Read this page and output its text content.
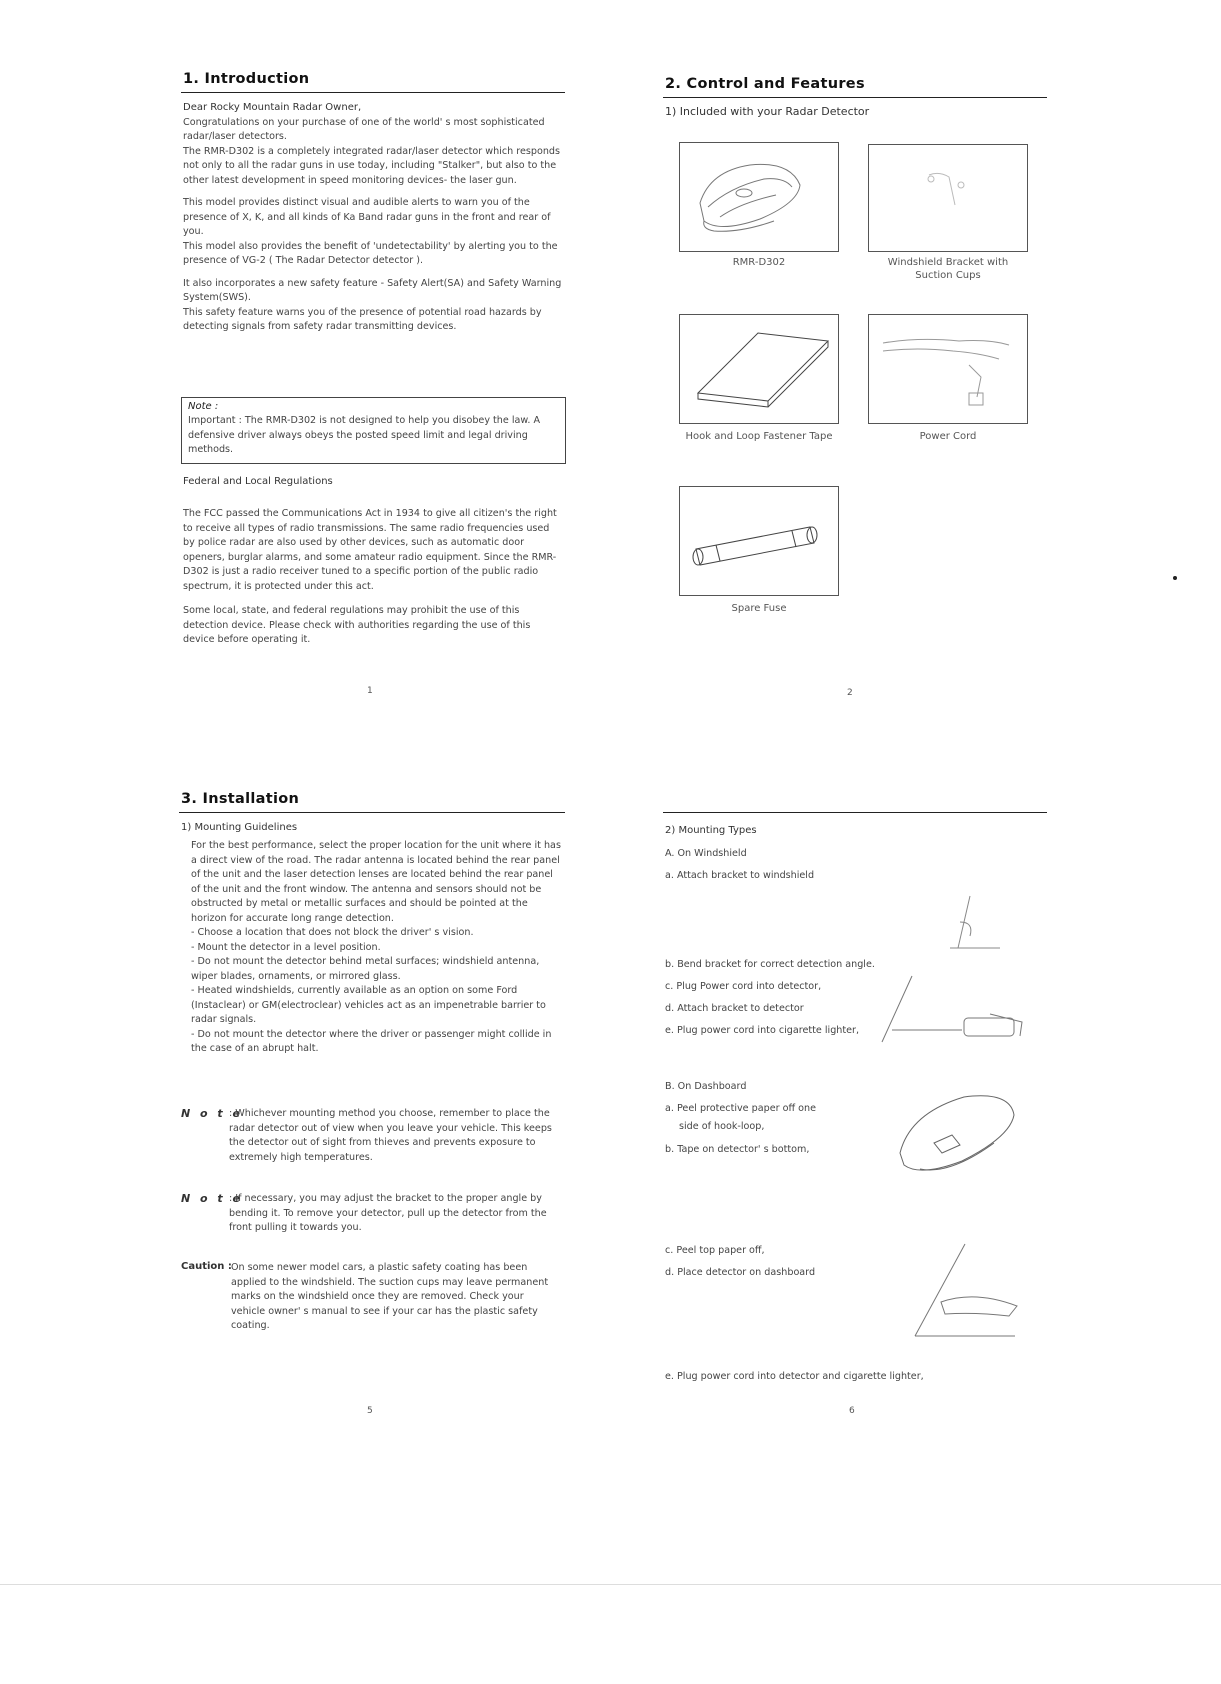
1. Introduction

Dear Rocky Mountain Radar Owner,

Congratulations on your purchase of one of the world' s most sophisticated radar/laser detectors.

The RMR-D302 is a completely integrated radar/laser detector which responds not only to all the radar guns in use today, including "Stalker", but also to the other latest development in speed monitoring devices- the laser gun.

This model provides distinct visual and audible alerts to warn you of the presence of X, K, and all kinds of Ka Band radar guns in the front and rear of you.

This model also provides the benefit of 'undetectability' by alerting you to the presence of VG-2 ( The Radar Detector detector ).

It also incorporates a new safety feature - Safety Alert(SA) and Safety Warning System(SWS).

This safety feature warns you of the presence of potential road hazards by detecting signals from safety radar transmitting devices.

Note :

Important : The RMR-D302 is not designed to help you disobey the law. A defensive driver always obeys the posted speed limit and legal driving methods.

Federal and Local Regulations

The FCC passed the Communications Act in 1934 to give all citizen's the right to receive all types of radio transmissions. The same radio frequencies used by police radar are also used by other devices, such as automatic door openers, burglar alarms, and some amateur radio equipment. Since the RMR-D302 is just a radio receiver tuned to a specific portion of the public radio spectrum, it is protected under this act.

Some local, state, and federal regulations may prohibit the use of this detection device. Please check with authorities regarding the use of this device before operating it.

1
2. Control and Features
1) Included with your Radar Detector
RMR-D302	Windshield Bracket with
Suction Cups
Hook and Loop Fastener Tape	Power Cord
Spare Fuse
2
3. Installation
1) Mounting Guidelines

For the best performance, select the proper location for the unit where it has a direct view of the road. The radar antenna is located behind the rear panel of the unit and the laser detection lenses are located behind the rear panel of the unit and the front window. The antenna and sensors should not be obstructed by metal or metallic surfaces and should be pointed at the horizon for accurate long range detection.

- Choose a location that does not block the driver' s vision.
- Mount the detector in a level position.
- Do not mount the detector behind metal surfaces; windshield antenna, wiper blades, ornaments, or mirrored glass.
- Heated windshields, currently available as an option on some Ford (Instaclear) or GM(electroclear) vehicles act as an impenetrable barrier to radar signals.
- Do not mount the detector where the driver or passenger might collide in the case of an abrupt halt.
N o t e
: Whichever mounting method you choose, remember to place the radar detector out of view when you leave your vehicle. This keeps the detector out of sight from thieves and prevents exposure to extremely high temperatures.
N o t e
: If necessary, you may adjust the bracket to the proper angle by bending it. To remove your detector, pull up the detector from the front pulling it towards you.
Caution : On some newer model cars, a plastic safety coating has been applied to the windshield. The suction cups may leave permanent marks on the windshield once they are removed. Check your vehicle owner' s manual to see if your car has the plastic safety coating.
5
2) Mounting Types
A. On Windshield
a. Attach bracket to windshield
b. Bend bracket for correct detection angle.
c. Plug Power cord into detector,
d. Attach bracket to detector
e. Plug power cord into cigarette lighter,
B. On Dashboard
a. Peel protective paper off one
side of hook-loop,
b. Tape on detector' s bottom,
c. Peel top paper off,
d. Place detector on dashboard
e. Plug power cord into detector and cigarette lighter,
6
